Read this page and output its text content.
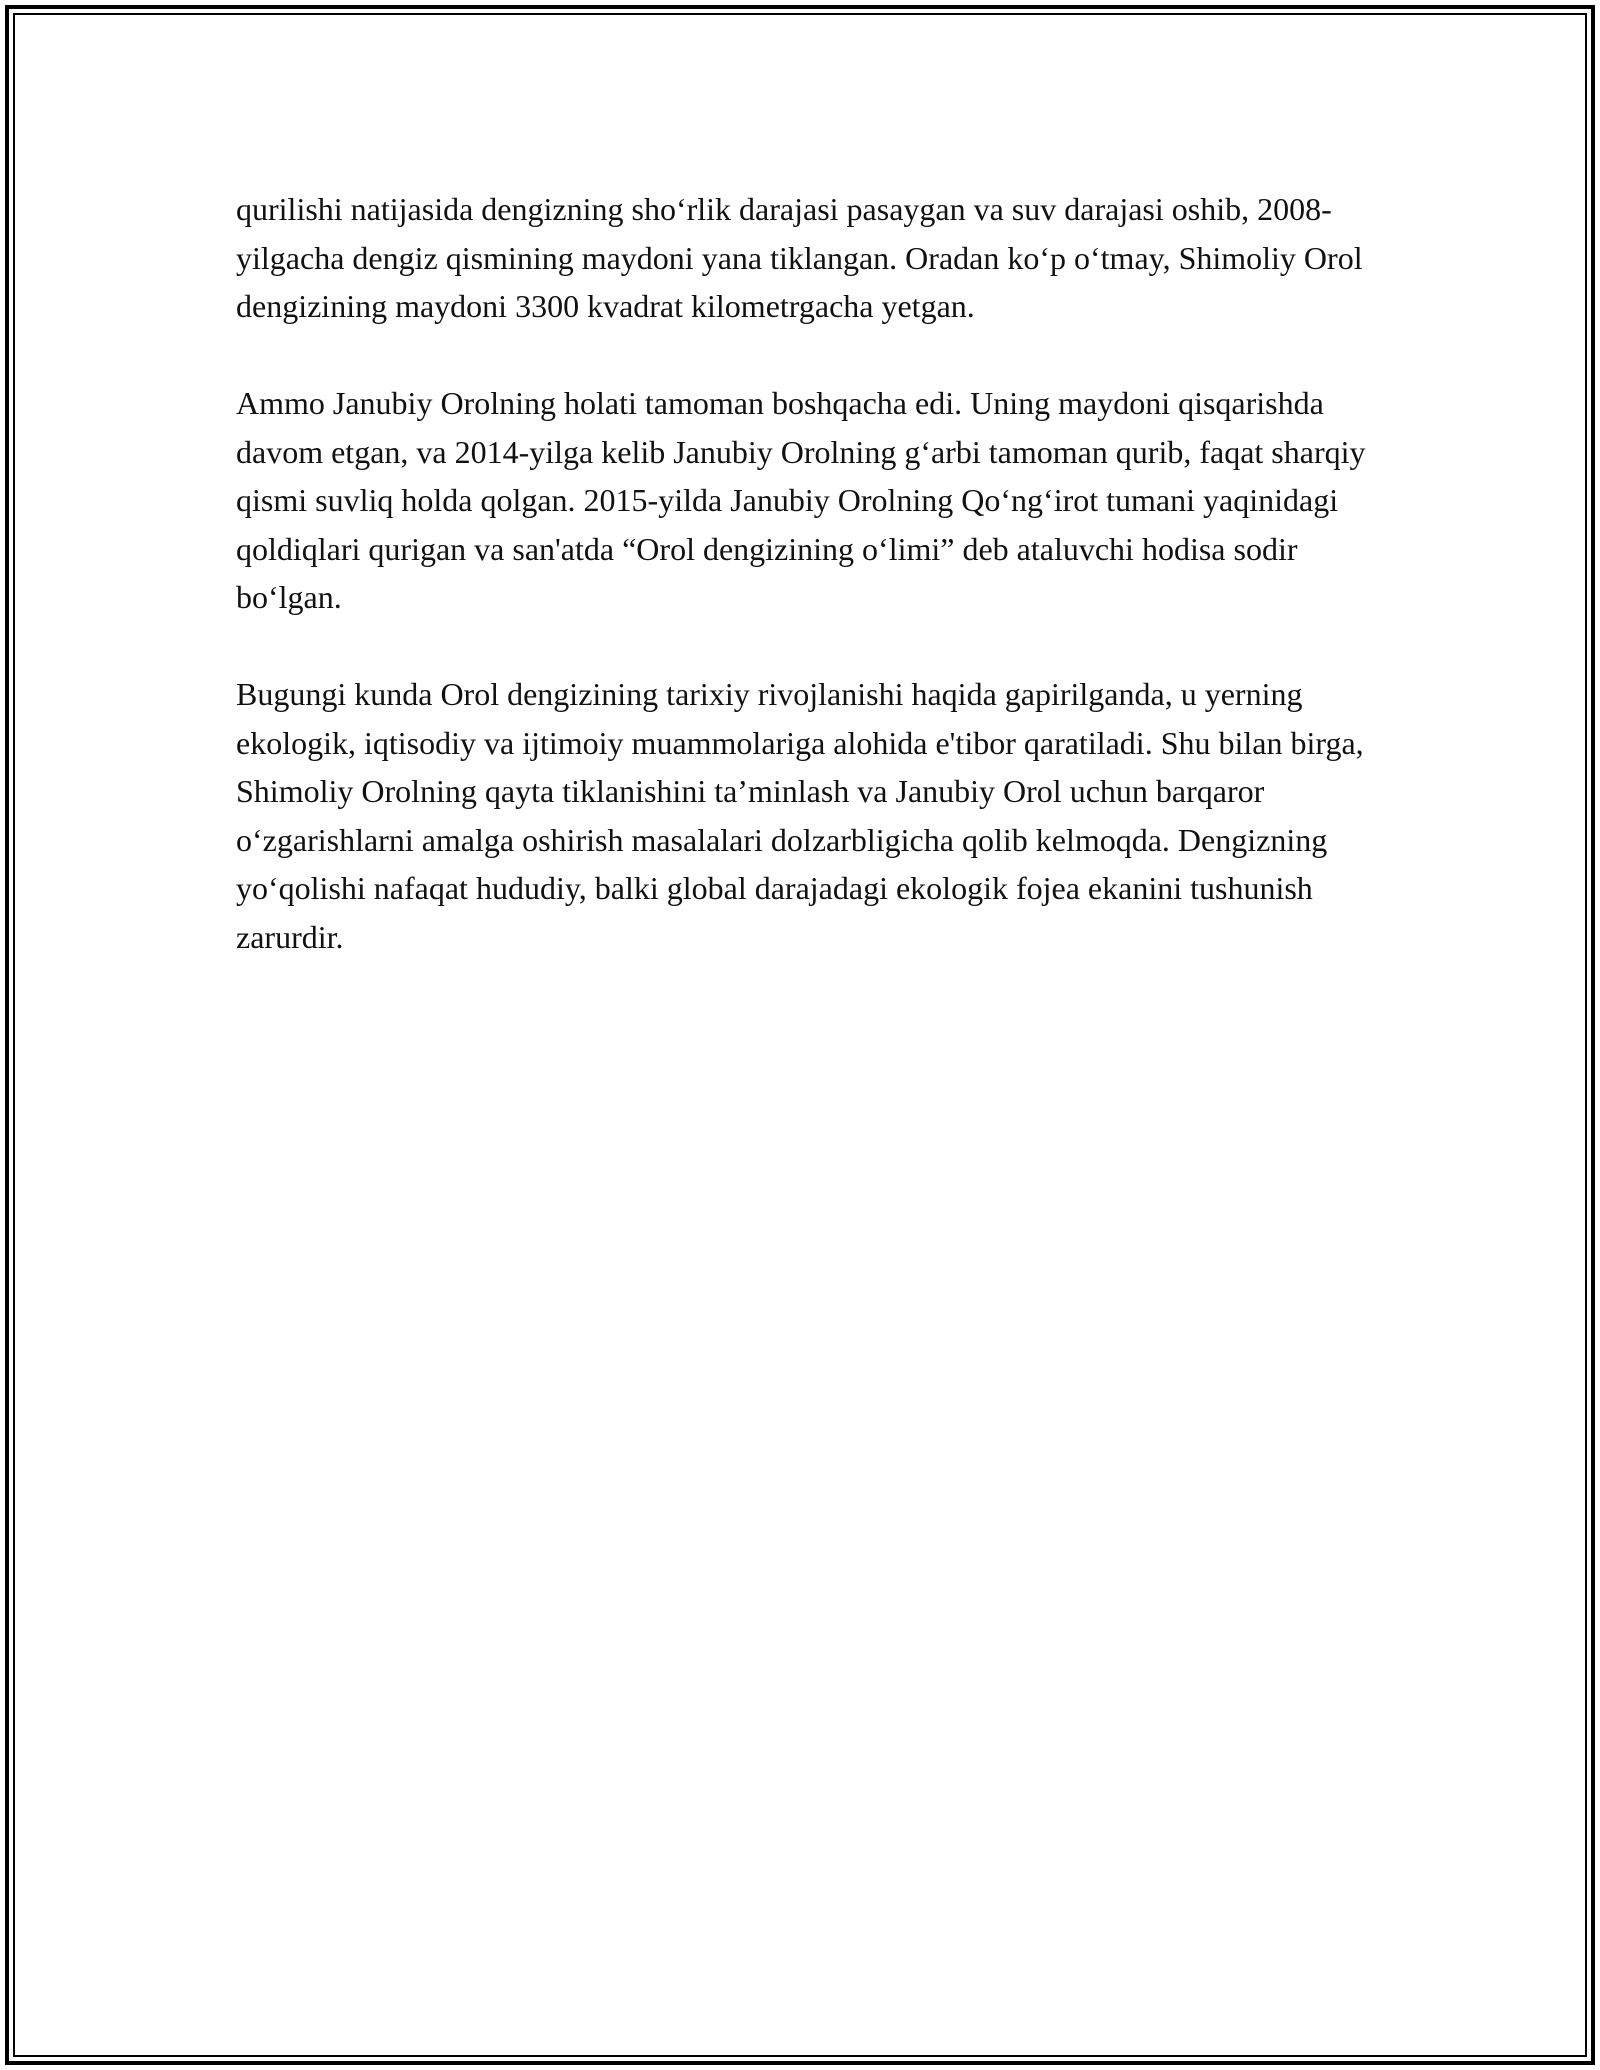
qurilishi natijasida dengizning sho‘rlik darajasi pasaygan va suv darajasi oshib, 2008-yilgacha dengiz qismining maydoni yana tiklangan. Oradan ko‘p o‘tmay, Shimoliy Orol dengizining maydoni 3300 kvadrat kilometrgacha yetgan.

Ammo Janubiy Orolning holati tamoman boshqacha edi. Uning maydoni qisqarishda davom etgan, va 2014-yilga kelib Janubiy Orolning g‘arbi tamoman qurib, faqat sharqiy qismi suvliq holda qolgan. 2015-yilda Janubiy Orolning Qo‘ng‘irot tumani yaqinidagi qoldiqlari qurigan va san'atda “Orol dengizining o‘limi” deb ataluvchi hodisa sodir bo‘lgan.

Bugungi kunda Orol dengizining tarixiy rivojlanishi haqida gapirilganda, u yerning ekologik, iqtisodiy va ijtimoiy muammolariga alohida e'tibor qaratiladi. Shu bilan birga, Shimoliy Orolning qayta tiklanishini ta’minlash va Janubiy Orol uchun barqaror o‘zgarishlarni amalga oshirish masalalari dolzarbligicha qolib kelmoqda. Dengizning yo‘qolishi nafaqat hududiy, balki global darajadagi ekologik fojea ekanini tushunish zarurdir.
